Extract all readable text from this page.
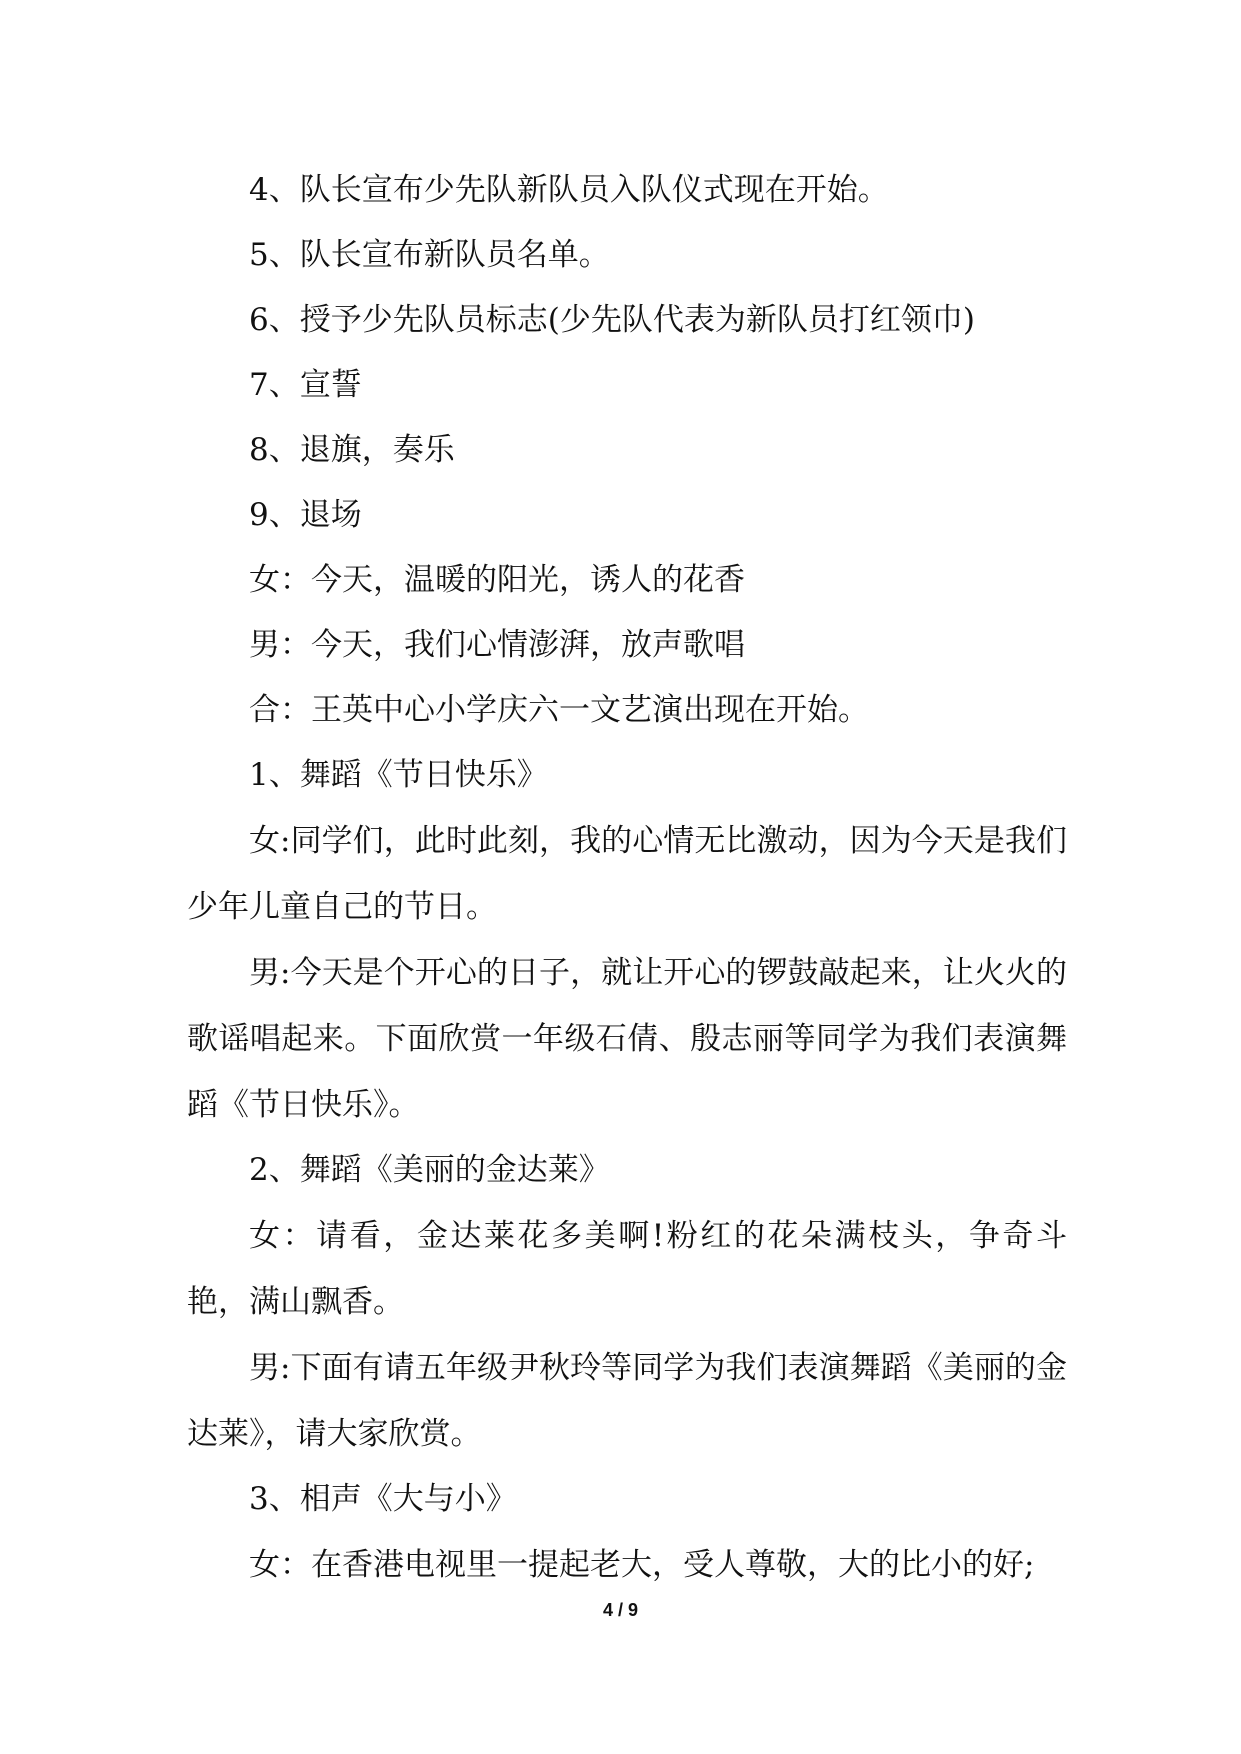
4、队长宣布少先队新队员入队仪式现在开始。
5、队长宣布新队员名单。
6、授予少先队员标志(少先队代表为新队员打红领巾)
7、宣誓
8、退旗，奏乐
9、退场
女：今天，温暖的阳光，诱人的花香
男：今天，我们心情澎湃，放声歌唱
合：王英中心小学庆六一文艺演出现在开始。
1、舞蹈《节日快乐》

女:同学们，此时此刻，我的心情无比激动，因为今天是我们少年儿童自己的节日。

男:今天是个开心的日子，就让开心的锣鼓敲起来，让火火的歌谣唱起来。下面欣赏一年级石倩、殷志丽等同学为我们表演舞蹈《节日快乐》。

2、舞蹈《美丽的金达莱》

女：请看，金达莱花多美啊!粉红的花朵满枝头，争奇斗艳，满山飘香。

男:下面有请五年级尹秋玲等同学为我们表演舞蹈《美丽的金达莱》，请大家欣赏。

3、相声《大与小》

女：在香港电视里一提起老大，受人尊敬，大的比小的好;

4 / 9
